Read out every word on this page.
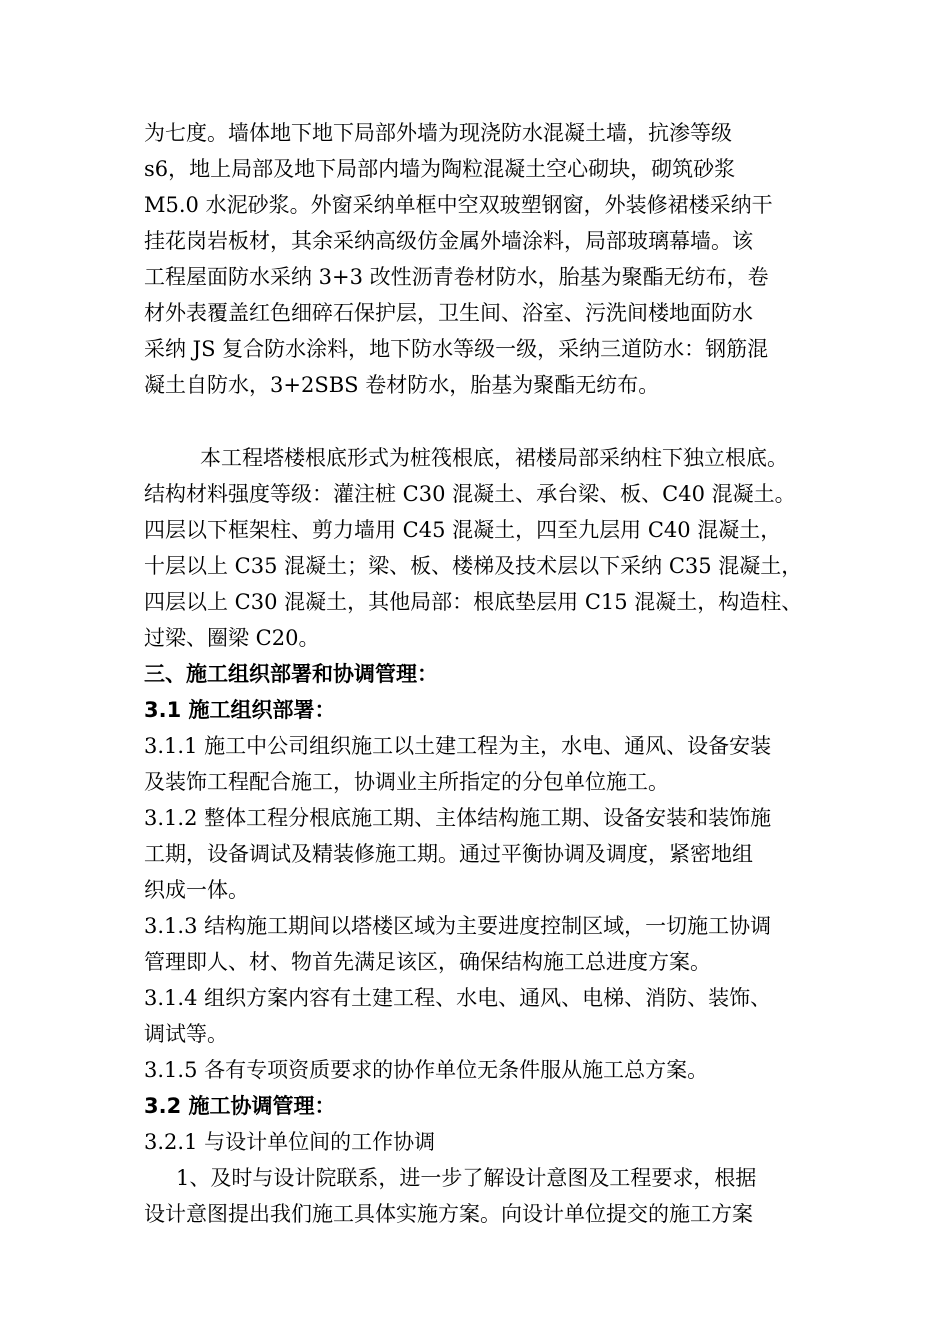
为七度。墙体地下地下局部外墙为现浇防水混凝土墙，抗渗等级
s6，地上局部及地下局部内墙为陶粒混凝土空心砌块，砌筑砂浆
M5.0 水泥砂浆。外窗采纳单框中空双玻塑钢窗，外装修裙楼采纳干
挂花岗岩板材，其余采纳高级仿金属外墙涂料，局部玻璃幕墙。该
工程屋面防水采纳 3+3 改性沥青卷材防水，胎基为聚酯无纺布，卷
材外表覆盖红色细碎石保护层，卫生间、浴室、污洗间楼地面防水
采纳 JS 复合防水涂料，地下防水等级一级，采纳三道防水：钢筋混
凝土自防水，3+2SBS 卷材防水，胎基为聚酯无纺布。
本工程塔楼根底形式为桩筏根底，裙楼局部采纳柱下独立根底。
结构材料强度等级：灌注桩 C30 混凝土、承台梁、板、C40 混凝土。
四层以下框架柱、剪力墙用 C45 混凝土，四至九层用 C40 混凝土，
十层以上 C35 混凝土；梁、板、楼梯及技术层以下采纳 C35 混凝土，
四层以上 C30 混凝土，其他局部：根底垫层用 C15 混凝土，构造柱、
过梁、圈梁 C20。
三、施工组织部署和协调管理：
3.1 施工组织部署：
3.1.1 施工中公司组织施工以土建工程为主，水电、通风、设备安装
及装饰工程配合施工，协调业主所指定的分包单位施工。
3.1.2 整体工程分根底施工期、主体结构施工期、设备安装和装饰施
工期，设备调试及精装修施工期。通过平衡协调及调度，紧密地组
织成一体。
3.1.3 结构施工期间以塔楼区域为主要进度控制区域，一切施工协调
管理即人、材、物首先满足该区，确保结构施工总进度方案。
3.1.4 组织方案内容有土建工程、水电、通风、电梯、消防、装饰、
调试等。
3.1.5 各有专项资质要求的协作单位无条件服从施工总方案。
3.2 施工协调管理：
3.2.1 与设计单位间的工作协调
1、及时与设计院联系，进一步了解设计意图及工程要求，根据
设计意图提出我们施工具体实施方案。向设计单位提交的施工方案
